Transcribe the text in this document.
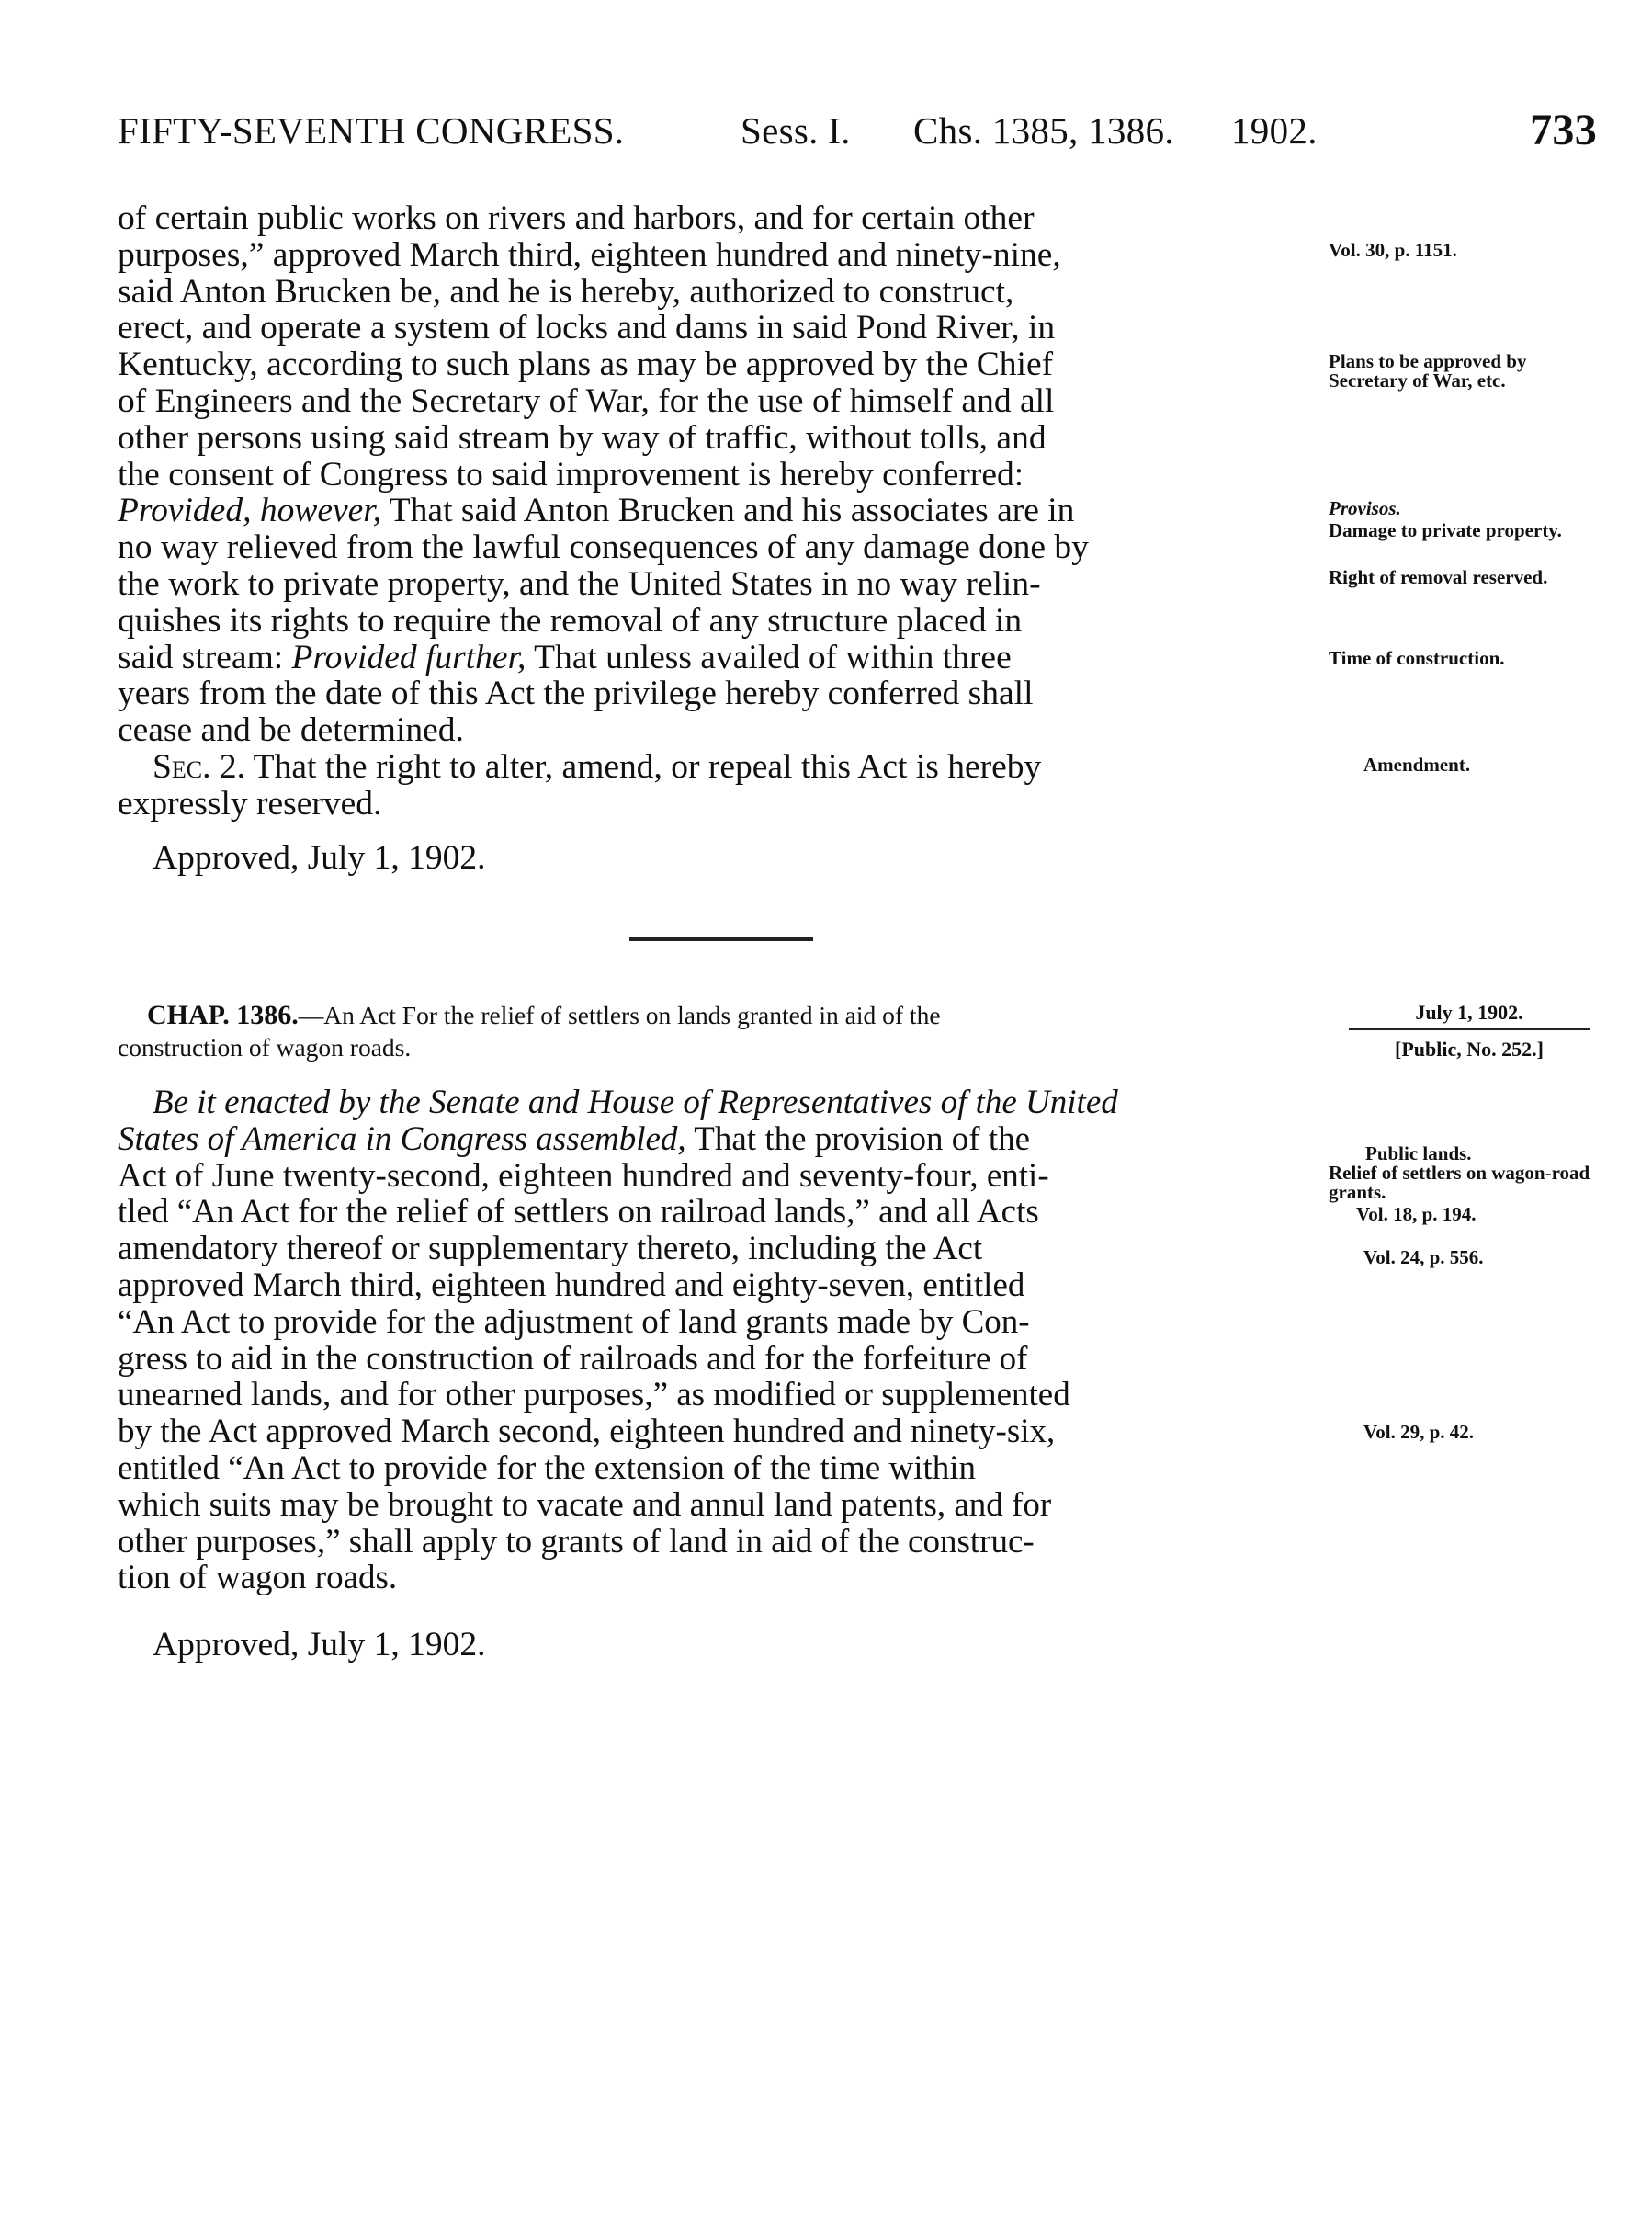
FIFTY-SEVENTH CONGRESS.	Sess. I. Chs. 1385, 1386. 1902.	733

of certain public works on rivers and harbors, and for certain other

purposes,” approved March third, eighteen hundred and ninety-nine,

said Anton Brucken be, and he is hereby, authorized to construct,

erect, and operate a system of locks and dams in said Pond River, in

Kentucky, according to such plans as may be approved by the Chief

of Engineers and the Secretary of War, for the use of himself and all

other persons using said stream by way of traffic, without tolls, and

the consent of Congress to said improvement is hereby conferred:

Provided, however, That said Anton Brucken and his associates are in

no way relieved from the lawful consequences of any damage done by

the work to private property, and the United States in no way relin-

quishes its rights to require the removal of any structure placed in

said stream: Provided further, That unless availed of within three

years from the date of this Act the privilege hereby conferred shall

cease and be determined.

Sec. 2. That the right to alter, amend, or repeal this Act is hereby

expressly reserved.

Approved, July 1, 1902.
Vol. 30, p. 1151.
Plans to be approved by Secretary of War, etc.
Provisos.
Damage to private property.
Right of removal reserved.
Time of construction.
Amendment.
CHAP. 1386.—An Act For the relief of settlers on lands granted in aid of the
construction of wagon roads.
July 1, 1902.
[Public, No. 252.]

Be it enacted by the Senate and House of Representatives of the United

States of America in Congress assembled, That the provision of the

Act of June twenty-second, eighteen hundred and seventy-four, enti-

tled “An Act for the relief of settlers on railroad lands,” and all Acts

amendatory thereof or supplementary thereto, including the Act

approved March third, eighteen hundred and eighty-seven, entitled

“An Act to provide for the adjustment of land grants made by Con-

gress to aid in the construction of railroads and for the forfeiture of

unearned lands, and for other purposes,” as modified or supplemented

by the Act approved March second, eighteen hundred and ninety-six,

entitled “An Act to provide for the extension of the time within

which suits may be brought to vacate and annul land patents, and for

other purposes,” shall apply to grants of land in aid of the construc-

tion of wagon roads.

Approved, July 1, 1902.
Public lands.
Relief of settlers on wagon-road grants.
Vol. 18, p. 194.
Vol. 24, p. 556.
Vol. 29, p. 42.
